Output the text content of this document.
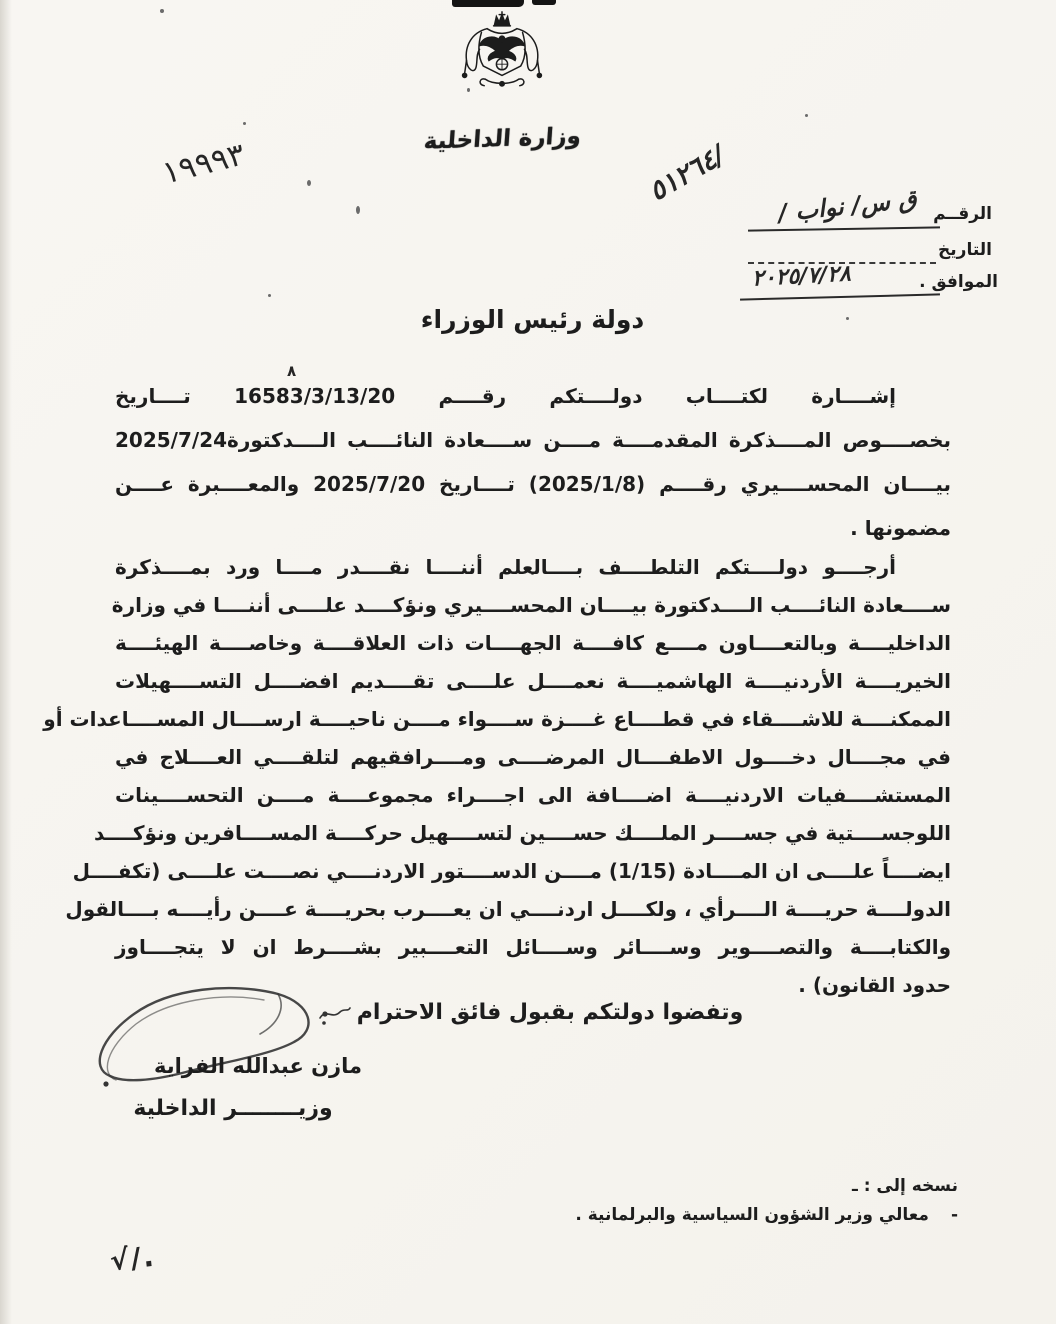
وزارة الداخلية
١٩٩٩٣
الرقــم
ق س/ نواب /
٥١٢٦٤/
التاريخ
الموافق .
٢٠٢٥/٧/٢٨
دولة رئيس الوزراء
٨
إشــــارة لكتــــاب دولــــتكم رقــــم 16583/3/13/20 تــــاريخ
2025/7/24 بخصــــوص المــــذكرة المقدمــــة مــــن ســــعادة النائــــب الــــدكتورة
بيــــان المحســــيري رقــــم (2025/1/8) تــــاريخ 2025/7/20 والمعــــبرة عــــن
مضمونها .
أرجــــو دولــــتكم التلطــــف بــــالعلم أننــــا نقــــدر مــــا ورد بمــــذكرة
ســــعادة النائــــب الــــدكتورة بيــــان المحســــيري ونؤكــــد علــــى أننــــا في وزارة
الداخليــــة وبالتعــــاون مــــع كافــــة الجهــــات ذات العلاقــــة وخاصــــة الهيئــــة
الخيريــــة الأردنيــــة الهاشميــــة نعمــــل علــــى تقــــديم افضــــل التســــهيلات
الممكنــــة للاشــــقاء في قطــــاع غــــزة ســــواء مــــن ناحيــــة ارســــال المســــاعدات أو
في مجــــال دخــــول الاطفــــال المرضــــى ومــــرافقيهم لتلقــــي العــــلاج في
المستشــــفيات الاردنيــــة اضــــافة الى اجــــراء مجموعــــة مــــن التحســــينات
اللوجســــتية في جســــر الملــــك حســــين لتســــهيل حركــــة المســــافرين ونؤكــــد
ايضــــاً علــــى ان المــــادة (1/15) مــــن الدســــتور الاردنــــي نصــــت علــــى (تكفــــل
الدولــــة حريــــة الــــرأي ، ولكــــل اردنــــي ان يعــــرب بحريــــة عــــن رأيــــه بــــالقول
والكتابــــة والتصــــوير وســــائر وســــائل التعــــبير بشــــرط ان لا يتجــــاوز
حدود القانون) .
وتفضوا دولتكم بقبول فائق الاحترام
مازن عبدالله الفراية
وزيــــــــر الداخلية
نسخه إلى : ـ
-معالي وزير الشؤون السياسية والبرلمانية .
√/.
